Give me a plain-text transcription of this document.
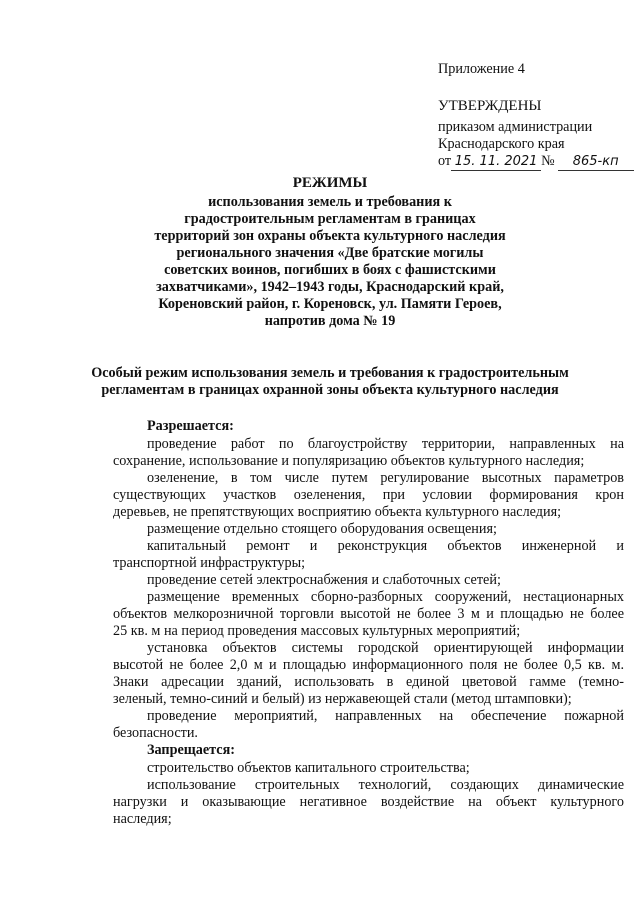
Приложение 4
УТВЕРЖДЕНЫ
приказом администрации
Краснодарского края
от 15. 11. 2021 № 865-кп
РЕЖИМЫ
использования земель и требования к
градостроительным регламентам в границах
территорий зон охраны объекта культурного наследия
регионального значения «Две братские могилы
советских воинов, погибших в боях с фашистскими
захватчиками», 1942–1943 годы, Краснодарский край,
Кореновский район, г. Кореновск, ул. Памяти Героев,
напротив дома № 19
Особый режим использования земель и требования к градостроительным
регламентам в границах охранной зоны объекта культурного наследия
Разрешается:
проведение работ по благоустройству территории, направленных на
сохранение, использование и популяризацию объектов культурного наследия;
озеленение, в том числе путем регулирование высотных параметров
существующих участков озеленения, при условии формирования крон
деревьев, не препятствующих восприятию объекта культурного наследия;
размещение отдельно стоящего оборудования освещения;
капитальный ремонт и реконструкция объектов инженерной и
транспортной инфраструктуры;
проведение сетей электроснабжения и слаботочных сетей;
размещение временных сборно-разборных сооружений, нестационарных
объектов мелкорозничной торговли высотой не более 3 м и площадью не более
25 кв. м на период проведения массовых культурных мероприятий;
установка объектов системы городской ориентирующей информации
высотой не более 2,0 м и площадью информационного поля не более 0,5 кв. м.
Знаки адресации зданий, использовать в единой цветовой гамме (темно-
зеленый, темно-синий и белый) из нержавеющей стали (метод штамповки);
проведение мероприятий, направленных на обеспечение пожарной
безопасности.
Запрещается:
строительство объектов капитального строительства;
использование строительных технологий, создающих динамические
нагрузки и оказывающие негативное воздействие на объект культурного
наследия;
